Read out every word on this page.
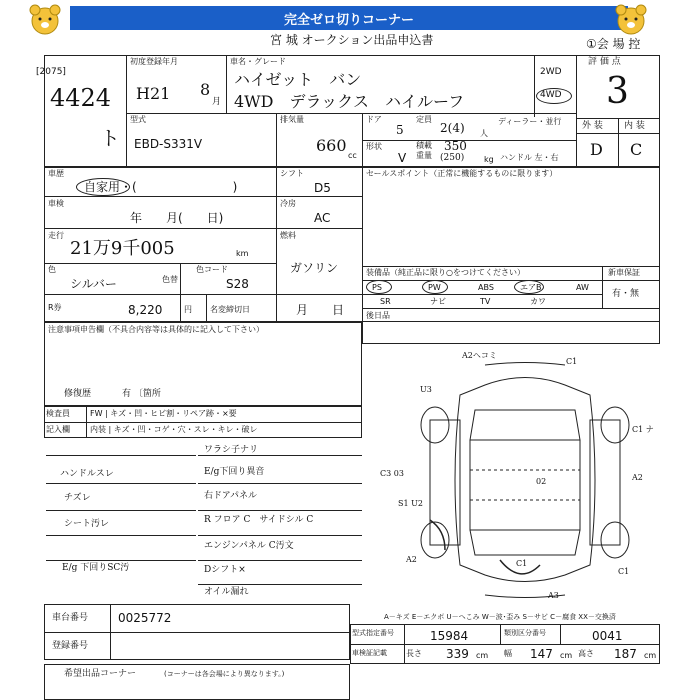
完全ゼロ切りコーナー
宮 城 オークション出品申込書	①会 場 控
[2075]
4424
ト
初度登録年月
H21 8
月
車名・グレード
ハイゼット　バン
4WD　デラックス　ハイルーフ
2WD
4WD
評 価 点
3
型式
EBD-S331V
排気量
660
cc
ドア
5
定員
2(4) 人
ディーラー・並行
形状
V
積載
重量
350
(250) kg ハンドル 左・右
外 装 内 装
D C
車歴
自家用・(　　　　　　　　)
シフト
D5
冷房
AC
燃料
ガソリン
車検
年　　月(　　日)
走行
21万9千005	km
色
シルバー	色替
色コード
S28
R券	8,220	円 名変締切日	月　　日
セールスポイント（正常に機能するものに限ります）
装備品（純正品に限り○をつけてください）	新車保証
有・無
PS	PW	ABS	エアB	AW
SR	ナビ	TV	カワ
後日品
注意事項申告欄（不具合内容等は具体的に記入して下さい）
修復歴	有 〔箇所
検査員
記入欄
FW | キズ・凹・ヒビ割・リペア跡・×要
内装 | キズ・凹・コゲ・穴・スレ・キレ・破レ
ハンドルスレ
チズレ
シート汚レ
E/g 下回りSC汚
ワラシ子ナリ
E/g下回り異音
右ドアパネル
R フロア C　サイドシル C
エンジンパネル C汚文
Dシフト×
オイル漏れ
A2ヘコミ
U3
C1
C3 03
S1 U2
02
C1
A2
A3
C1
C1 ナ
A2
車台番号 0025772
登録番号
A－キズ E－エクボ U－へこみ W－波･歪み S－サビ C－腐食 XX－交換済
型式指定番号	15984	類別区分番号	0041
車検証記載 長さ 339 cm 幅 147 cm 高さ 187 cm
希望出品コーナー	(コーナーは各会場により異なります。)
